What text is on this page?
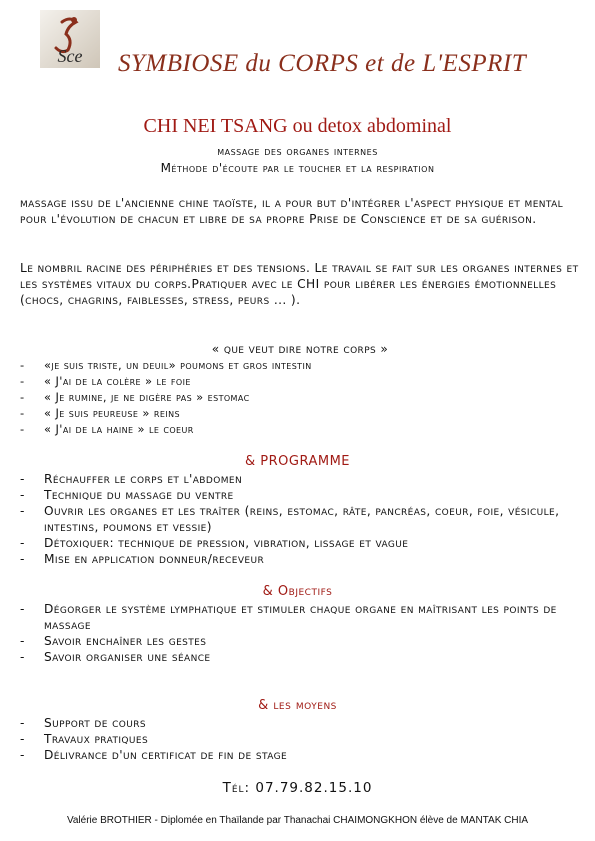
Sce SYMBIOSE du CORPS et de L'ESPRIT
CHI NEI TSANG ou detox abdominal
massage des organes internes
Méthode d'écoute par le toucher et la respiration

massage issu de l'ancienne chine taoïste, il a pour but d'intégrer l'aspect physique et mental pour l'évolution de chacun et libre de sa propre Prise de Conscience et de sa guérison.

Le nombril racine des périphéries et des tensions. Le travail se fait sur les organes internes et les systèmes vitaux du corps.Pratiquer avec le CHI pour libérer les énergies émotionnelles (chocs, chagrins, faiblesses, stress, peurs ... ).

« que veut dire notre corps »
- «je suis triste, un deuil» poumons et gros intestin
- « J'ai de la colère » le foie
- « Je rumine, je ne digère pas » estomac
- « Je suis peureuse » reins
- « J'ai de la haine » le coeur
& PROGRAMME
- Réchauffer le corps et l'abdomen
- Technique du massage du ventre
- Ouvrir les organes et les traîter (reins, estomac, râte, pancréas, coeur, foie, vésicule, intestins, poumons et vessie)
- Détoxiquer: technique de pression, vibration, lissage et vague
- Mise en application donneur/receveur
& Objectifs
- Dégorger le système lymphatique et stimuler chaque organe en maîtrisant les points de massage
- Savoir enchaîner les gestes
- Savoir organiser une séance
& les moyens
- Support de cours
- Travaux pratiques
- Délivrance d'un certificat de fin de stage
Tél: 07.79.82.15.10
Valérie BROTHIER - Diplomée en Thaïlande par Thanachai CHAIMONGKHON élève de MANTAK CHIA
